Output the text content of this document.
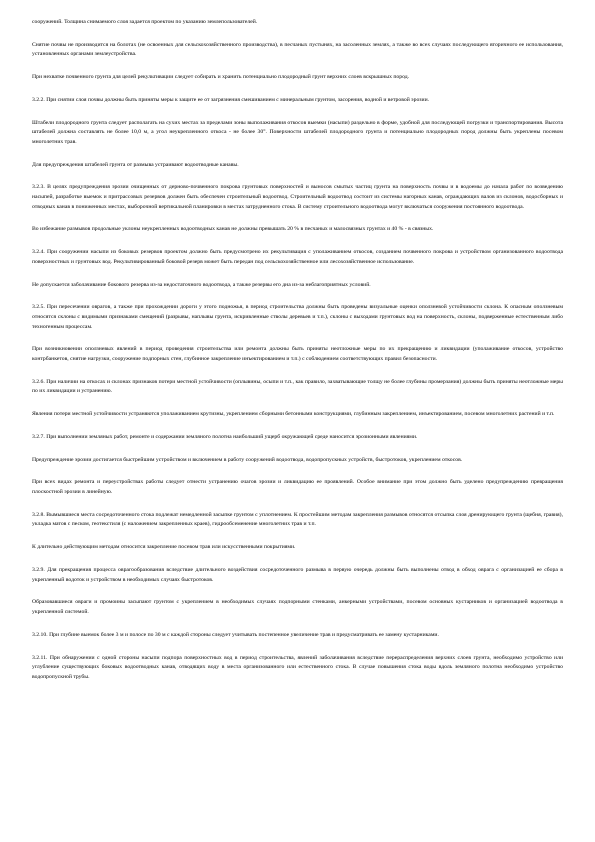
сооружений. Толщина снимаемого слоя задается проектом по указанию землепользователей.

Снятие почвы не производится на болотах (не освоенных для сельскохозяйственного производства), в песчаных пустынях, на засоленных землях, а также во всех случаях последующего вторичного ее использования, установленных органами землеустройства.

При нехватке почвенного грунта для целей рекультивации следует собирать и хранить потенциально плодородный грунт верхних слоев вскрышных пород.

3.2.2. При снятии слоя почвы должны быть приняты меры к защите ее от загрязнения смешиванием с минеральным грунтом, засорения, водной и ветровой эрозии.

Штабели плодородного грунта следует располагать на сухих местах за пределами зоны выполаживания откосов выемки (насыпи) раздельно в форме, удобной для последующей погрузки и транспортирования. Высота штабелей должна составлять не более 10,0 м, а угол неукрепленного откоса - не более 30°. Поверхности штабелей плодородного грунта и потенциально плодородных пород должны быть укреплены посевом многолетних трав.

Для предупреждения штабелей грунта от размыва устраивают водоотводные канавы.

3.2.3. В целях предупреждения эрозии очищенных от дерново-почвенного покрова грунтовых поверхностей и выносов смытых частиц грунта на поверхность почвы и в водоемы до начала работ по возведению насыпей, разработке выемок и притрассовых резервов должен быть обеспечен строительный водоотвод. Строительный водоотвод состоит из системы нагорных канав, ограждающих валов из склонов, водосборных и отводных канав в пониженных местах, выборочной вертикальной планировки в местах затрудненного стока. В систему строительного водоотвода могут включаться сооружения постоянного водоотвода.

Во избежание размывов продольные уклоны неукрепленных водоотводных канав не должны превышать 20 % в песчаных и малосвязных грунтах и 40 % - в связных.

3.2.4. При сооружении насыпи из боковых резервов проектом должно быть предусмотрено их рекультивация с уполаживанием откосов, созданием почвенного покрова и устройством организованного водоотвода поверхностных и грунтовых вод. Рекультивированный боковой резерв может быть передан под сельскохозяйственное или лесохозяйственное использование.

Не допускается заболачивание бокового резерва из-за недостаточного водоотвода, а также резервы его дна из-за неблагоприятных условий.

3.2.5. При пересечении оврагов, а также при прохождении дороги у этого подножья, в период строительства должны быть проведены визуальные оценки оползневой устойчивости склона. К опасным оползневым относятся склоны с видимыми признаками смещений (разрывы, наплывы грунта, искривленные стволы деревьев и т.п.), склоны с выходами грунтовых вод на поверхность, склоны, подверженные естественным либо техногенным процессам.

При возникновении оползневых явлений в период проведения строительства или ремонта должны быть приняты неотложные меры по их прекращению и ликвидации (уполаживание откосов, устройство контрбанкетов, снятие нагрузки, сооружение подпорных стен, глубинное закрепление инъектированием и т.п.) с соблюдением соответствующих правил безопасности.

3.2.6. При наличии на откосах и склонах признаков потери местной устойчивости (оплывины, осыпи и т.п., как правило, захватывающие толщу не более глубины промерзания) должны быть приняты неотложные меры по их ликвидации и устранению.

Явления потери местной устойчивости устраняются уполаживанием крутизны, укреплением сборными бетонными конструкциями, глубинным закреплением, инъектированием, посевом многолетних растений и т.п.

3.2.7. При выполнении земляных работ, ремонте и содержании земляного полотна наибольший ущерб окружающей среде наносится эрозионными явлениями.

Предупреждение эрозии достигается быстрейшим устройством и включением в работу сооружений водоотвода, водопропускных устройств, быстротоков, укреплением откосов.

При всех видах ремонта и переустройствах работы следует отнести устранению очагов эрозии и ликвидацию ее проявлений. Особое внимание при этом должно быть уделено предупреждению превращения плоскостной эрозии в линейную.

3.2.8. Вымывшиеся места сосредоточенного стока подлежат немедленной засыпке грунтом с уплотнением. К простейшим методам закрепления размывов относятся отсыпка слоя дренирующего грунта (щебня, гравия), укладка матов с песком, геотекстиля (с наложением закрепленных краев), гидрообсеменение многолетних трав и т.п.

К длительно действующим методам относится закрепление посевом трав или искусственными покрытиями.

3.2.9. Для прекращения процесса оврагообразования вследствие длительного воздействия сосредоточенного размыва в первую очередь должны быть выполнены отвод в обход оврага с организацией ее сбора в укрепленный водоток и устройством в необходимых случаях быстротоков.

Образовавшиеся овраги и промоины засыпают грунтом с укреплением в необходимых случаях подпорными стенками, анкерными устройствами, посевом основных кустарников и организацией водоотвода в укрепленной системой.

3.2.10. При глубине выемок более 3 м и полосе по 30 м с каждой стороны следует учитывать постепенное увеличение трав и предусматривать ее замену кустарниками.

3.2.11. При обнаружении с одной стороны насыпи подпора поверхностных вод в период строительства, явлений заболачивания вследствие перераспределения верхних слоев грунта, необходимо устройство или углубление существующих боковых водоотводных канав, отводящих воду в места организованного или естественного стока. В случае повышения стока воды вдоль земляного полотна необходимо устройство водопропускной трубы.
